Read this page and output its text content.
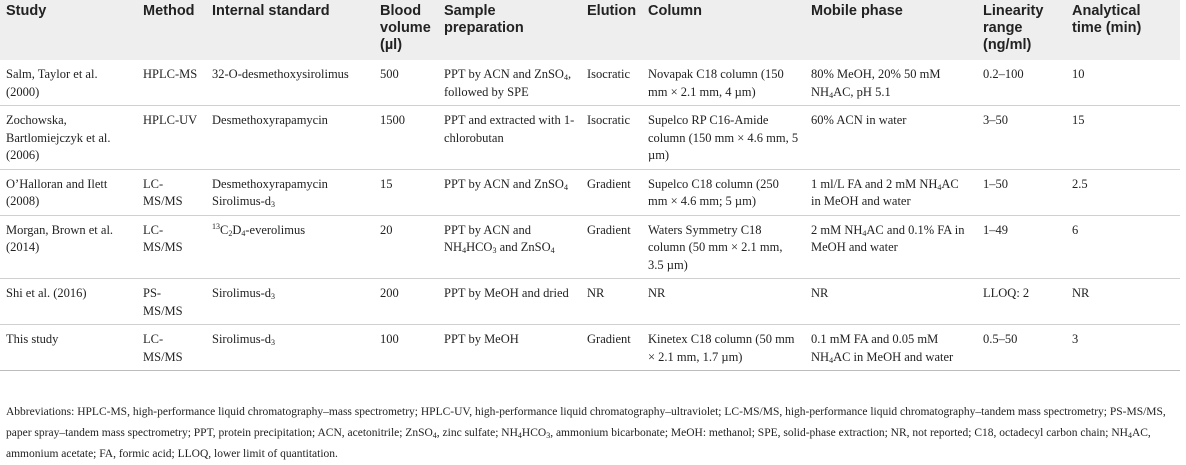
Study	Method	Internal standard	Blood volume (µl)	Sample preparation	Elution	Column	Mobile phase	Linearity range (ng/ml)	Analytical time (min)
Salm, Taylor et al. (2000)	HPLC-MS	32-O-desmethoxysirolimus	500	PPT by ACN and ZnSO$_4$, followed by SPE	Isocratic	Novapak C18 column (150 mm × 2.1 mm, 4 µm)	80% MeOH, 20% 50 mM $NH_4AC$, pH 5.1	0.2–100	10
Zochowska, Bartlomiejczyk et al. (2006)	HPLC-UV	Desmethoxyrapamycin	1500	PPT and extracted with 1-chlorobutan	Isocratic	Supelco RP C16-Amide column (150 mm × 4.6 mm, 5 µm)	60% ACN in water	3–50	15
O’Halloran and Ilett (2008)	LC-MS/MS	Desmethoxyrapamycin Sirolimus-$d_3$	15	PPT by ACN and ZnSO$_4$	Gradient	Supelco C18 column (250 mm × 4.6 mm; 5 µm)	1 ml/L FA and 2 mM $NH_4AC$ in MeOH and water	1–50	2.5
Morgan, Brown et al. (2014)	LC-MS/MS	$^{13}C_2D_4$-everolimus	20	PPT by ACN and $NH_4HCO_3$ and ZnSO$_4$	Gradient	Waters Symmetry C18 column (50 mm × 2.1 mm, 3.5 µm)	2 mM $NH_4AC$ and 0.1% FA in MeOH and water	1–49	6
Shi et al. (2016)	PS-MS/MS	Sirolimus-$d_3$	200	PPT by MeOH and dried	NR	NR	NR	LLOQ: 2	NR
This study	LC-MS/MS	Sirolimus-$d_3$	100	PPT by MeOH	Gradient	Kinetex C18 column (50 mm × 2.1 mm, 1.7 µm)	0.1 mM FA and 0.05 mM $NH_4AC$ in MeOH and water	0.5–50	3
Abbreviations: HPLC-MS, high-performance liquid chromatography–mass spectrometry; HPLC-UV, high-performance liquid chromatography–ultraviolet; LC-MS/MS, high-performance liquid chromatography–tandem mass spectrometry; PS-MS/MS, paper spray–tandem mass spectrometry; PPT, protein precipitation; ACN, acetonitrile; ZnSO$_4$, zinc sulfate; $NH_4HCO_3$, ammonium bicarbonate; MeOH: methanol; SPE, solid-phase extraction; NR, not reported; C18, octadecyl carbon chain; $NH_4AC$, ammonium acetate; FA, formic acid; LLOQ, lower limit of quantitation.
